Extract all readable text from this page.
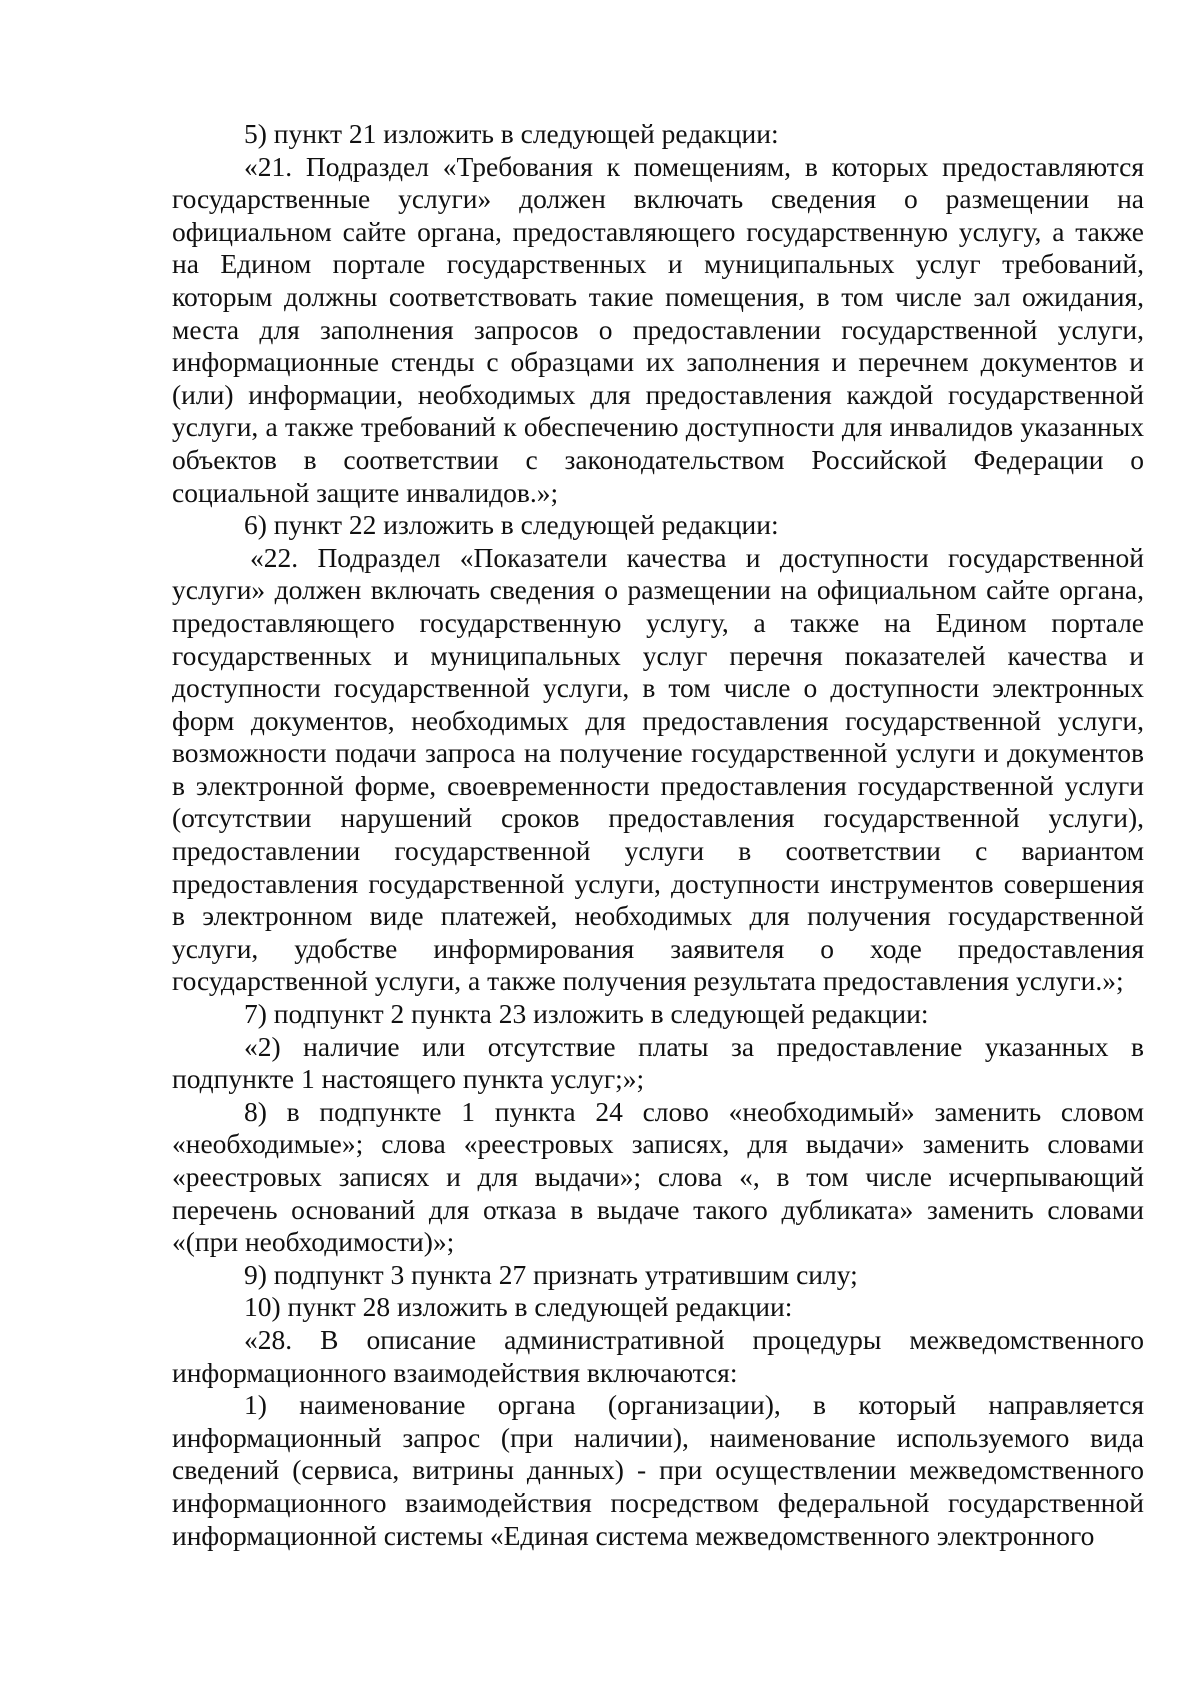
5) пункт 21 изложить в следующей редакции:

«21. Подраздел «Требования к помещениям, в которых предоставляются государственные услуги» должен включать сведения о размещении на официальном сайте органа, предоставляющего государственную услугу, а также на Едином портале государственных и муниципальных услуг требований, которым должны соответствовать такие помещения, в том числе зал ожидания, места для заполнения запросов о предоставлении государственной услуги, информационные стенды с образцами их заполнения и перечнем документов и (или) информации, необходимых для предоставления каждой государственной услуги, а также требований к обеспечению доступности для инвалидов указанных объектов в соответствии с законодательством Российской Федерации о социальной защите инвалидов.»;

6) пункт 22 изложить в следующей редакции:

«22. Подраздел «Показатели качества и доступности государственной услуги» должен включать сведения о размещении на официальном сайте органа, предоставляющего государственную услугу, а также на Едином портале государственных и муниципальных услуг перечня показателей качества и доступности государственной услуги, в том числе о доступности электронных форм документов, необходимых для предоставления государственной услуги, возможности подачи запроса на получение государственной услуги и документов в электронной форме, своевременности предоставления государственной услуги (отсутствии нарушений сроков предоставления государственной услуги), предоставлении государственной услуги в соответствии с вариантом предоставления государственной услуги, доступности инструментов совершения в электронном виде платежей, необходимых для получения государственной услуги, удобстве информирования заявителя о ходе предоставления государственной услуги, а также получения результата предоставления услуги.»;

7) подпункт 2 пункта 23 изложить в следующей редакции:

«2) наличие или отсутствие платы за предоставление указанных в подпункте 1 настоящего пункта услуг;»;

8) в подпункте 1 пункта 24 слово «необходимый» заменить словом «необходимые»; слова «реестровых записях, для выдачи» заменить словами «реестровых записях и для выдачи»; слова «, в том числе исчерпывающий перечень оснований для отказа в выдаче такого дубликата» заменить словами «(при необходимости)»;

9) подпункт 3 пункта 27 признать утратившим силу;

10) пункт 28 изложить в следующей редакции:

«28. В описание административной процедуры межведомственного информационного взаимодействия включаются:

1) наименование органа (организации), в который направляется информационный запрос (при наличии), наименование используемого вида сведений (сервиса, витрины данных) - при осуществлении межведомственного информационного взаимодействия посредством федеральной государственной информационной системы «Единая система межведомственного электронного
